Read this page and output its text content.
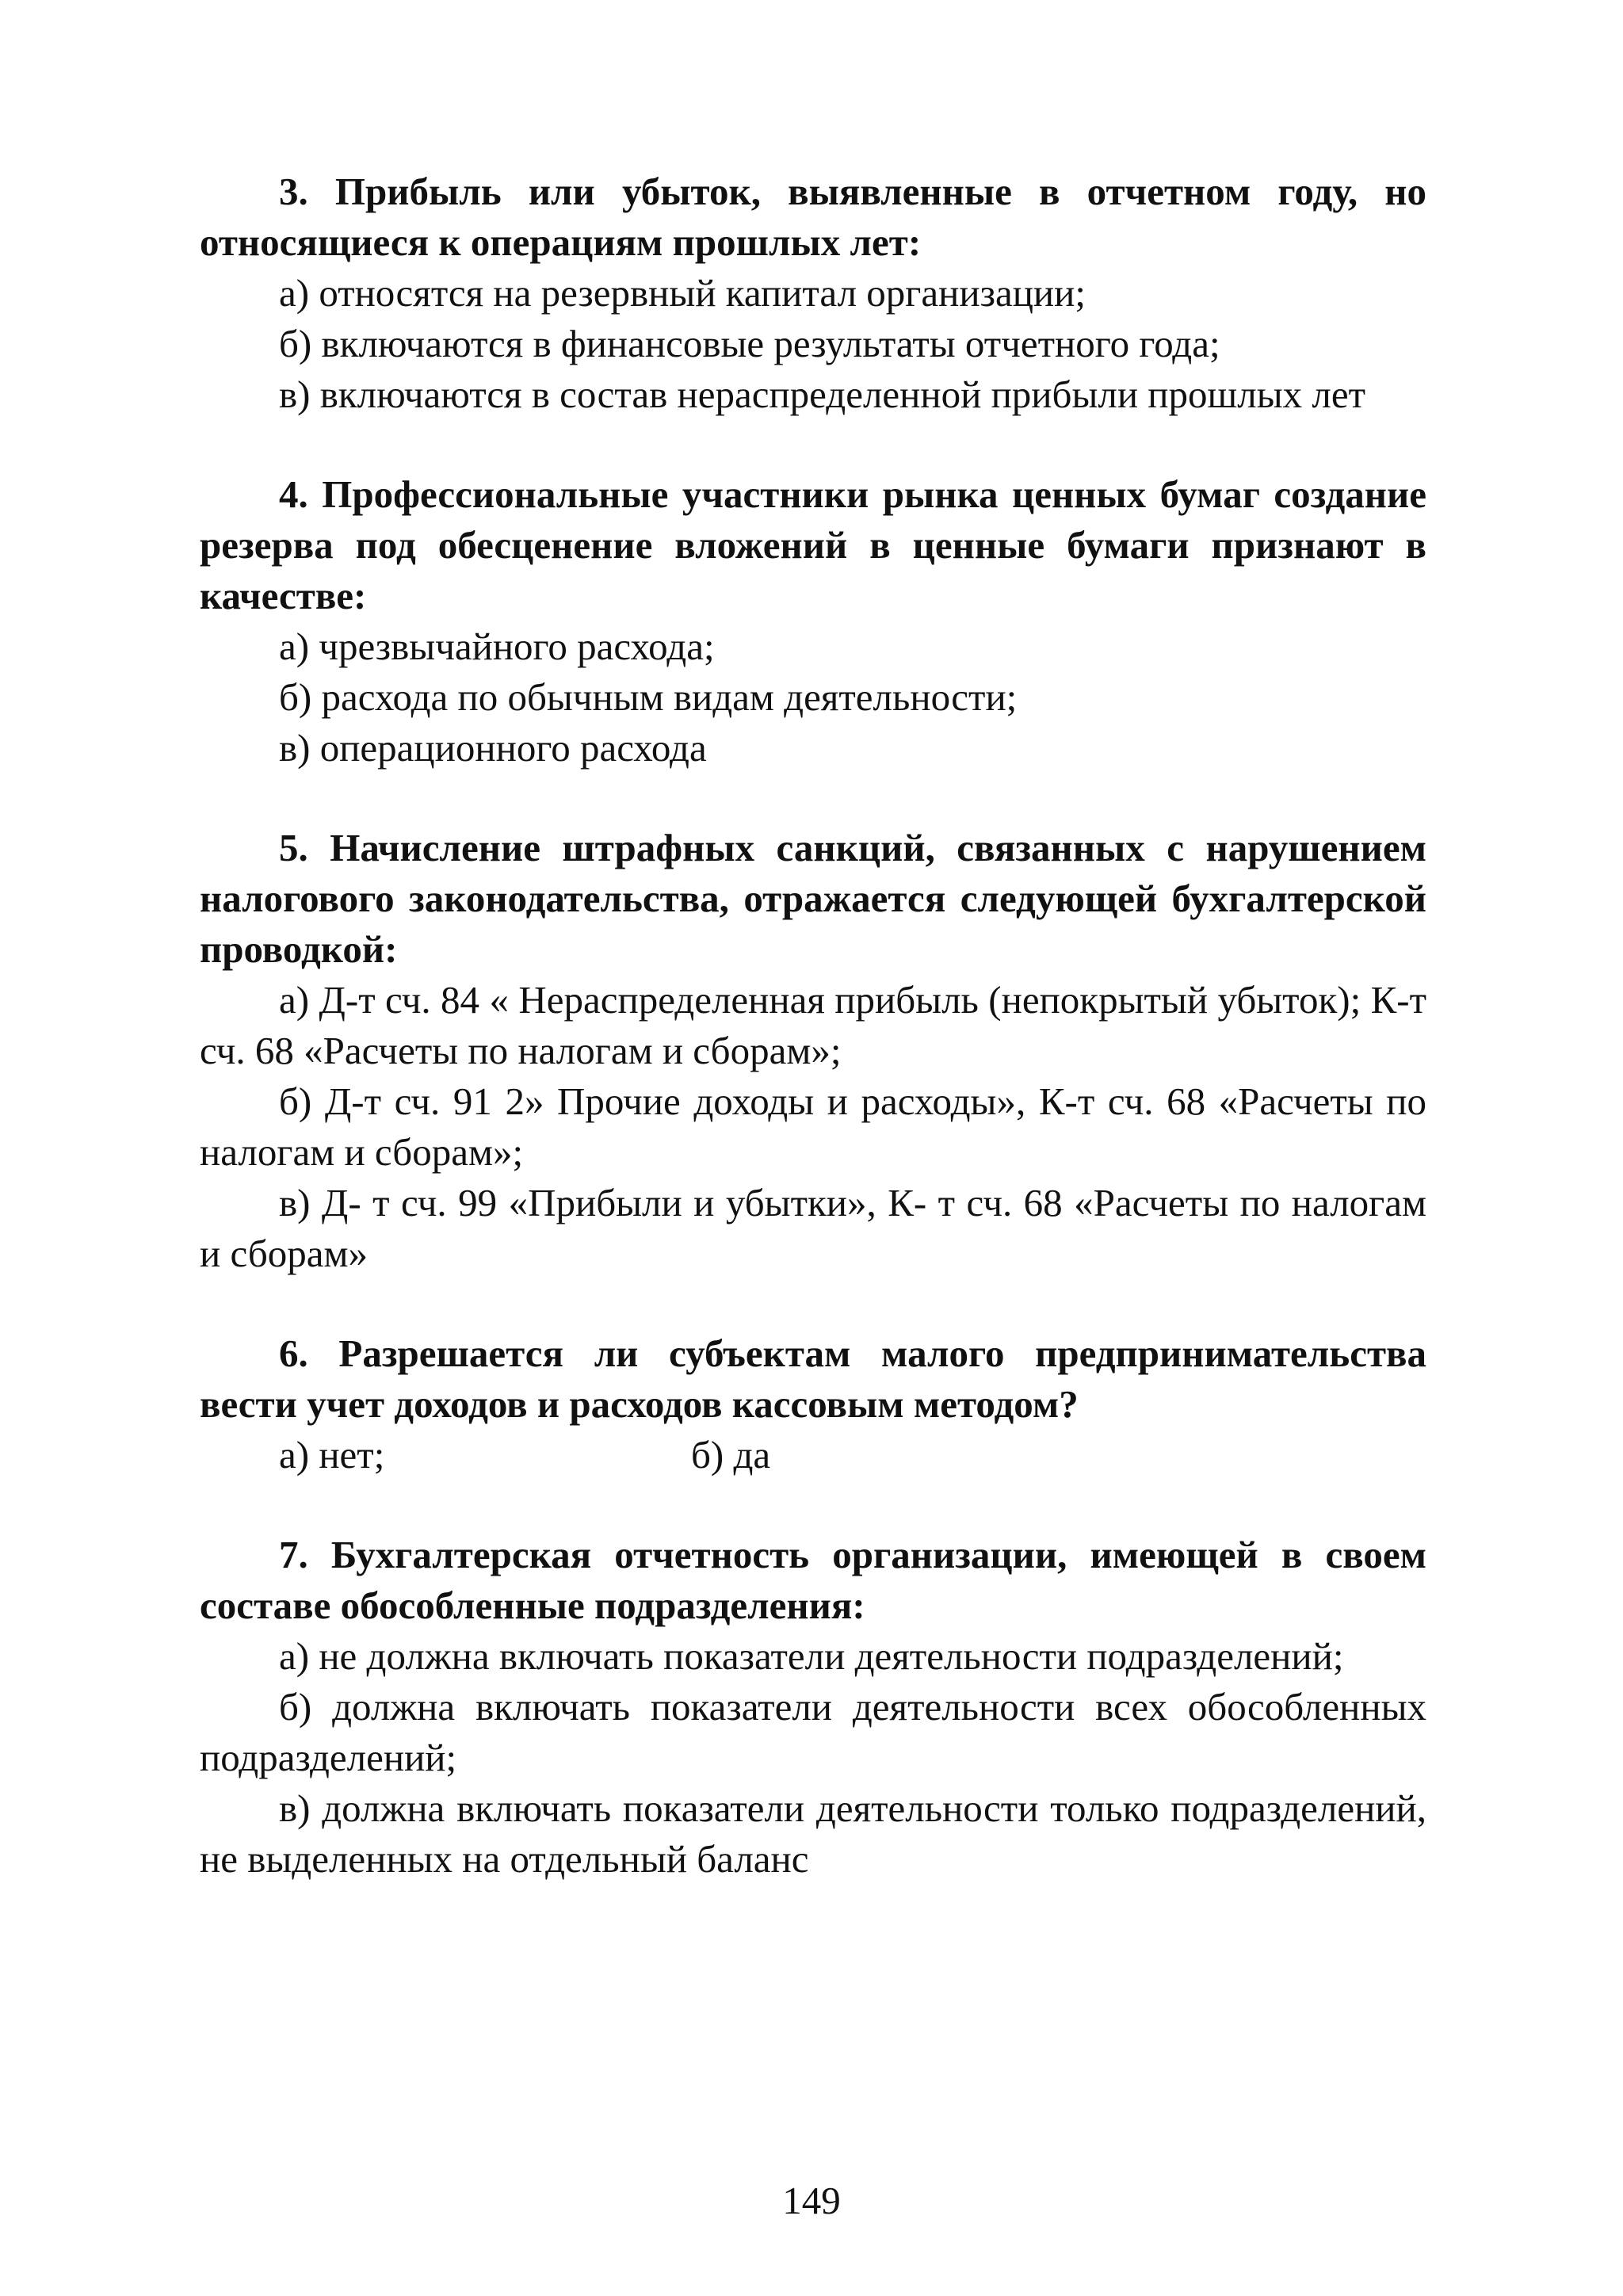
3. Прибыль или убыток, выявленные в отчетном году, но относящиеся к операциям прошлых лет:

а) относятся на резервный капитал организации;

б) включаются в финансовые результаты отчетного года;

в) включаются в состав нераспределенной прибыли прошлых лет

4. Профессиональные участники рынка ценных бумаг создание резерва под обесценение вложений в ценные бумаги признают в качестве:

а) чрезвычайного расхода;

б) расхода по обычным видам деятельности;

в) операционного расхода

5. Начисление штрафных санкций, связанных с нарушением налогового законодательства, отражается следующей бухгалтерской проводкой:

а) Д-т сч. 84 « Нераспределенная прибыль (непокрытый убыток); К-т сч. 68 «Расчеты по налогам и сборам»;

б) Д-т сч. 91 2» Прочие доходы и расходы», К-т сч. 68 «Расчеты по налогам и сборам»;

в) Д- т сч. 99 «Прибыли и убытки», К- т сч. 68 «Расчеты по налогам и сборам»

6. Разрешается ли субъектам малого предпринимательства вести учет доходов и расходов кассовым методом?

а) нет;	б) да

7. Бухгалтерская отчетность организации, имеющей в своем составе обособленные подразделения:

а) не должна включать показатели деятельности подразделений;

б) должна включать показатели деятельности всех обособленных подразделений;

в) должна включать показатели деятельности только подразделений, не выделенных на отдельный баланс

149
